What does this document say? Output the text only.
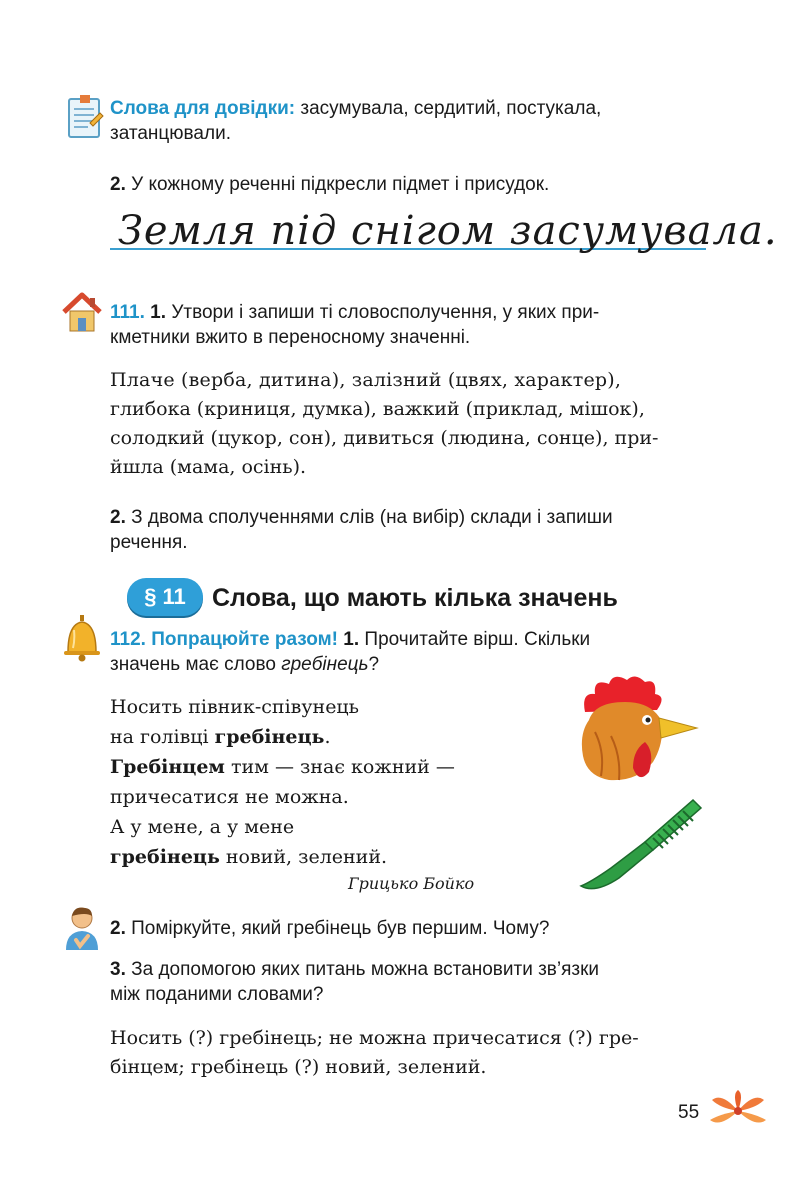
Слова для довідки: засумувала, сердитий, постукала,
затанцювали.
2. У кожному реченні підкресли підмет і присудок.
Земля під снігом засумувала.
111. 1. Утвори і запиши ті словосполучення, у яких при-
кметники вжито в переносному значенні.
Плаче (верба, дитина), залізний (цвях, характер),
глибока (криниця, думка), важкий (приклад, мішок),
солодкий (цукор, сон), дивиться (людина, сонце), при-
йшла (мама, осінь).
2. З двома сполученнями слів (на вибір) склади і запиши
речення.
§ 11	Слова, що мають кілька значень
112. Попрацюйте разом! 1. Прочитайте вірш. Скільки
значень має слово гребінець?
Носить півник-співунець
на голівці гребінець.
Гребінцем тим — знає кожний —
причесатися не можна.
А у мене, а у мене
гребінець новий, зелений.
Грицько Бойко
2. Поміркуйте, який гребінець був першим. Чому?
3. За допомогою яких питань можна встановити зв’язки
між поданими словами?
Носить (?) гребінець; не можна причесатися (?) гре-
бінцем; гребінець (?) новий, зелений.
55
